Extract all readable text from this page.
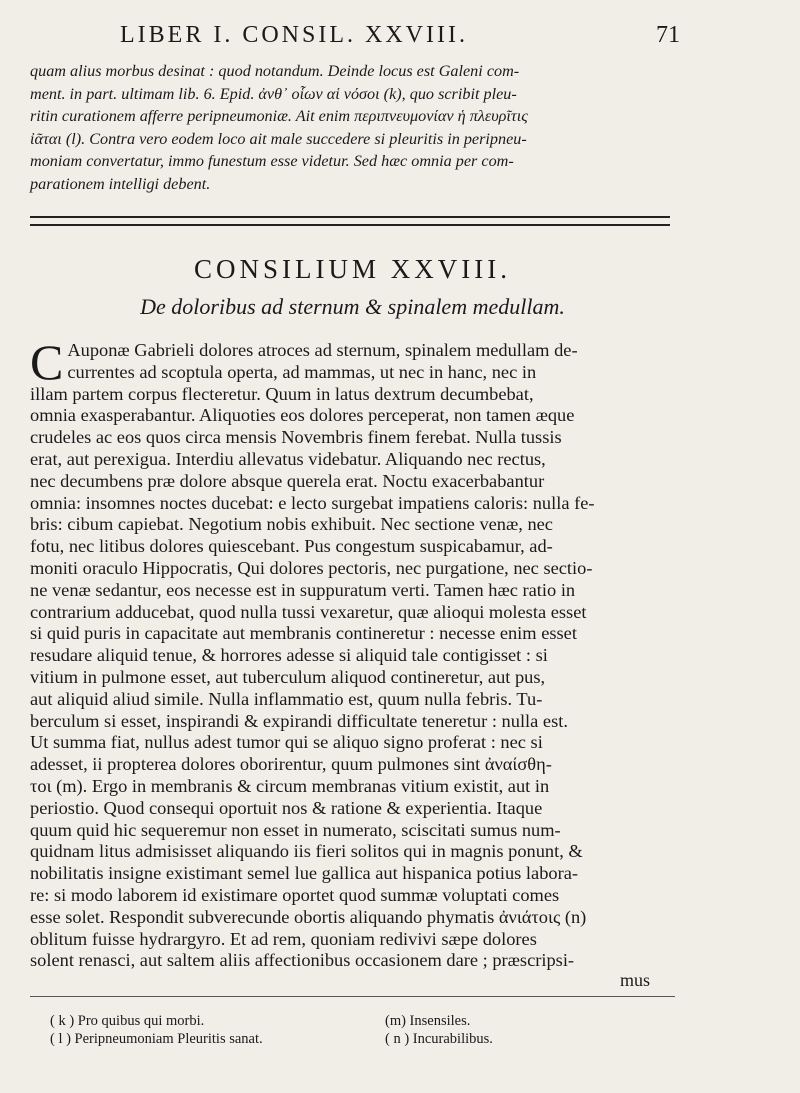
LIBER I. CONSIL. XXVIII.	71

quam alius morbus desinat : quod notandum. Deinde locus est Galeni com-

ment. in part. ultimam lib. 6. Epid. ἀνθ᾽ οἷων αἱ νόσοι (k), quo scribit pleu-

ritin curationem afferre peripneumoniæ. Ait enim περιπνευμονίαν ἡ πλευρῖτις

ἰᾶται (l). Contra vero eodem loco ait male succedere si pleuritis in peripneu-

moniam convertatur, immo funestum esse videtur. Sed hæc omnia per com-

parationem intelligi debent.

CONSILIUM XXVIII.
De doloribus ad sternum & spinalem medullam.
C Auponæ Gabrieli dolores atroces ad sternum, spinalem medullam de-

currentes ad scoptula operta, ad mammas, ut nec in hanc, nec in

illam partem corpus flecteretur. Quum in latus dextrum decumbebat,

omnia exasperabantur. Aliquoties eos dolores perceperat, non tamen æque

crudeles ac eos quos circa mensis Novembris finem ferebat. Nulla tussis

erat, aut perexigua. Interdiu allevatus videbatur. Aliquando nec rectus,

nec decumbens præ dolore absque querela erat. Noctu exacerbabantur

omnia: insomnes noctes ducebat: e lecto surgebat impatiens caloris: nulla fe-

bris: cibum capiebat. Negotium nobis exhibuit. Nec sectione venæ, nec

fotu, nec litibus dolores quiescebant. Pus congestum suspicabamur, ad-

moniti oraculo Hippocratis, Qui dolores pectoris, nec purgatione, nec sectio-

ne venæ sedantur, eos necesse est in suppuratum verti. Tamen hæc ratio in

contrarium adducebat, quod nulla tussi vexaretur, quæ alioqui molesta esset

si quid puris in capacitate aut membranis contineretur : necesse enim esset

resudare aliquid tenue, & horrores adesse si aliquid tale contigisset : si

vitium in pulmone esset, aut tuberculum aliquod contineretur, aut pus,

aut aliquid aliud simile. Nulla inflammatio est, quum nulla febris. Tu-

berculum si esset, inspirandi & expirandi difficultate teneretur : nulla est.

Ut summa fiat, nullus adest tumor qui se aliquo signo proferat : nec si

adesset, ii propterea dolores oborirentur, quum pulmones sint ἀναίσθη-

τοι (m). Ergo in membranis & circum membranas vitium existit, aut in

periostio. Quod consequi oportuit nos & ratione & experientia. Itaque

quum quid hic sequeremur non esset in numerato, sciscitati sumus num-

quidnam litus admisisset aliquando iis fieri solitos qui in magnis ponunt, &

nobilitatis insigne existimant semel lue gallica aut hispanica potius labora-

re: si modo laborem id existimare oportet quod summæ voluptati comes

esse solet. Respondit subverecunde obortis aliquando phymatis ἀνιάτοις (n)

oblitum fuisse hydrargyro. Et ad rem, quoniam redivivi sæpe dolores

solent renasci, aut saltem aliis affectionibus occasionem dare ; præscripsi-

mus
( k ) Pro quibus qui morbi.
( l ) Peripneumoniam Pleuritis sanat.
(m) Insensiles.
( n ) Incurabilibus.
